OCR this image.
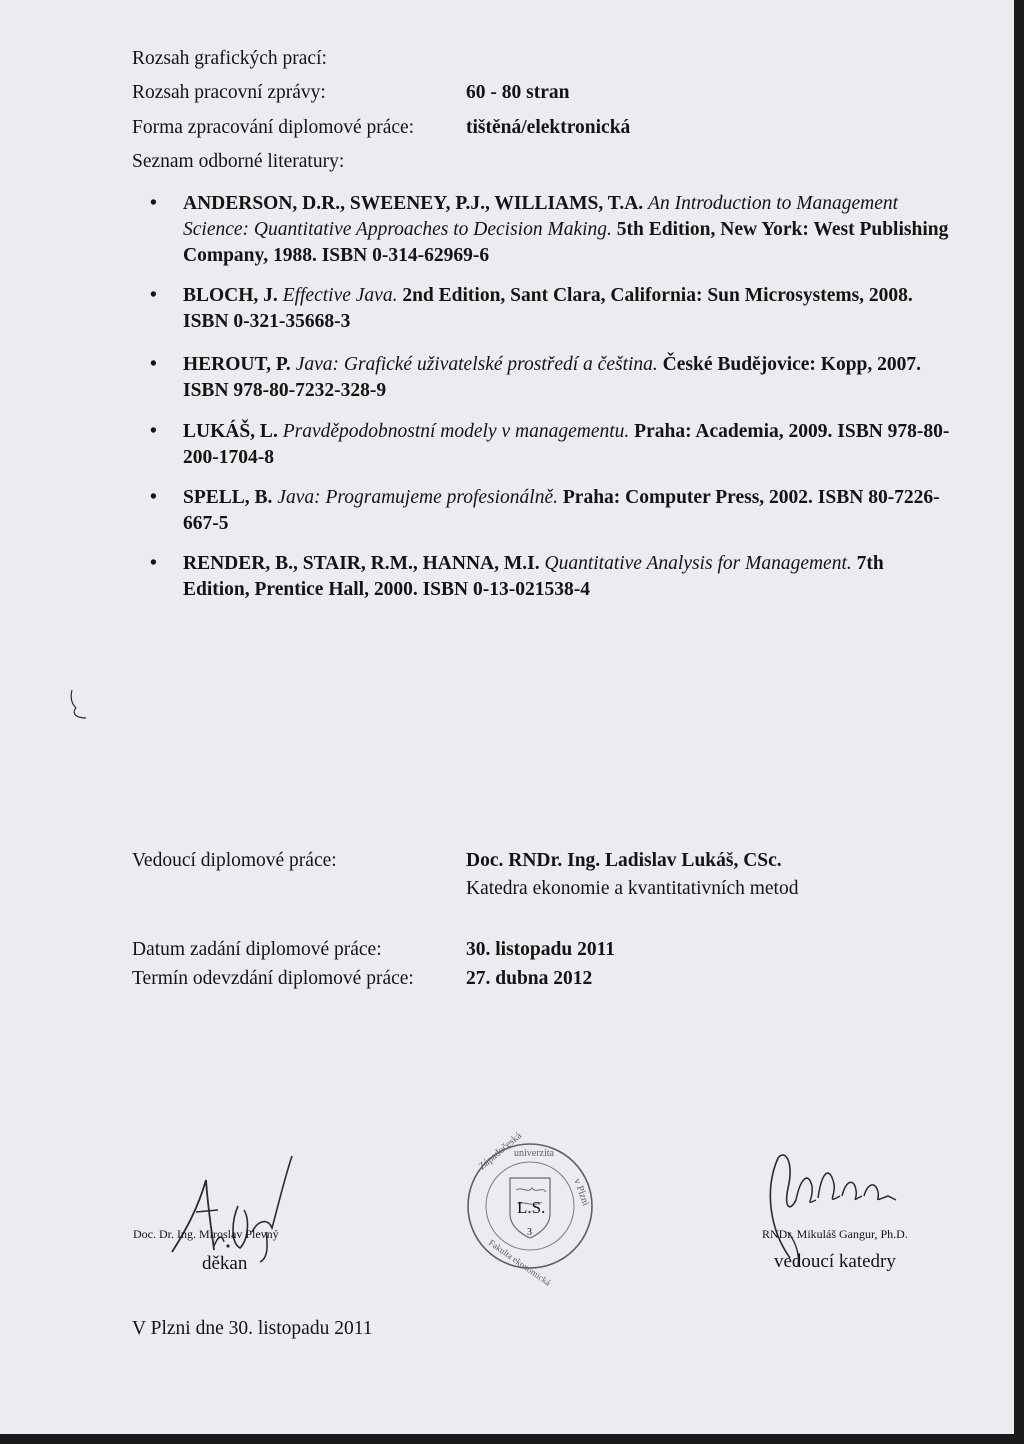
Rozsah grafických prací:
Rozsah pracovní zprávy:	60 - 80 stran
Forma zpracování diplomové práce:	tištěná/elektronická
Seznam odborné literatury:
• ANDERSON, D.R., SWEENEY, P.J., WILLIAMS, T.A. An Introduction to Management Science: Quantitative Approaches to Decision Making. 5th Edition, New York: West Publishing Company, 1988. ISBN 0-314-62969-6
• BLOCH, J. Effective Java. 2nd Edition, Sant Clara, California: Sun Microsystems, 2008. ISBN 0-321-35668-3
• HEROUT, P. Java: Grafické uživatelské prostředí a čeština. České Budějovice: Kopp, 2007. ISBN 978-80-7232-328-9
• LUKÁŠ, L. Pravděpodobnostní modely v managementu. Praha: Academia, 2009. ISBN 978-80-200-1704-8
• SPELL, B. Java: Programujeme profesionálně. Praha: Computer Press, 2002. ISBN 80-7226-667-5
• RENDER, B., STAIR, R.M., HANNA, M.I. Quantitative Analysis for Management. 7th Edition, Prentice Hall, 2000. ISBN 0-13-021538-4
Vedoucí diplomové práce:	Doc. RNDr. Ing. Ladislav Lukáš, CSc.
Katedra ekonomie a kvantitativních metod
Datum zadání diplomové práce:	30. listopadu 2011
Termín odevzdání diplomové práce:	27. dubna 2012
Doc. Dr. Ing. Miroslav Plevný
děkan
Západočeská
univerzita
v Plzni
Fakulta ekonomická
L.S.
3	RNDr. Mikuláš Gangur, Ph.D.
vedoucí katedry
V Plzni dne 30. listopadu 2011
